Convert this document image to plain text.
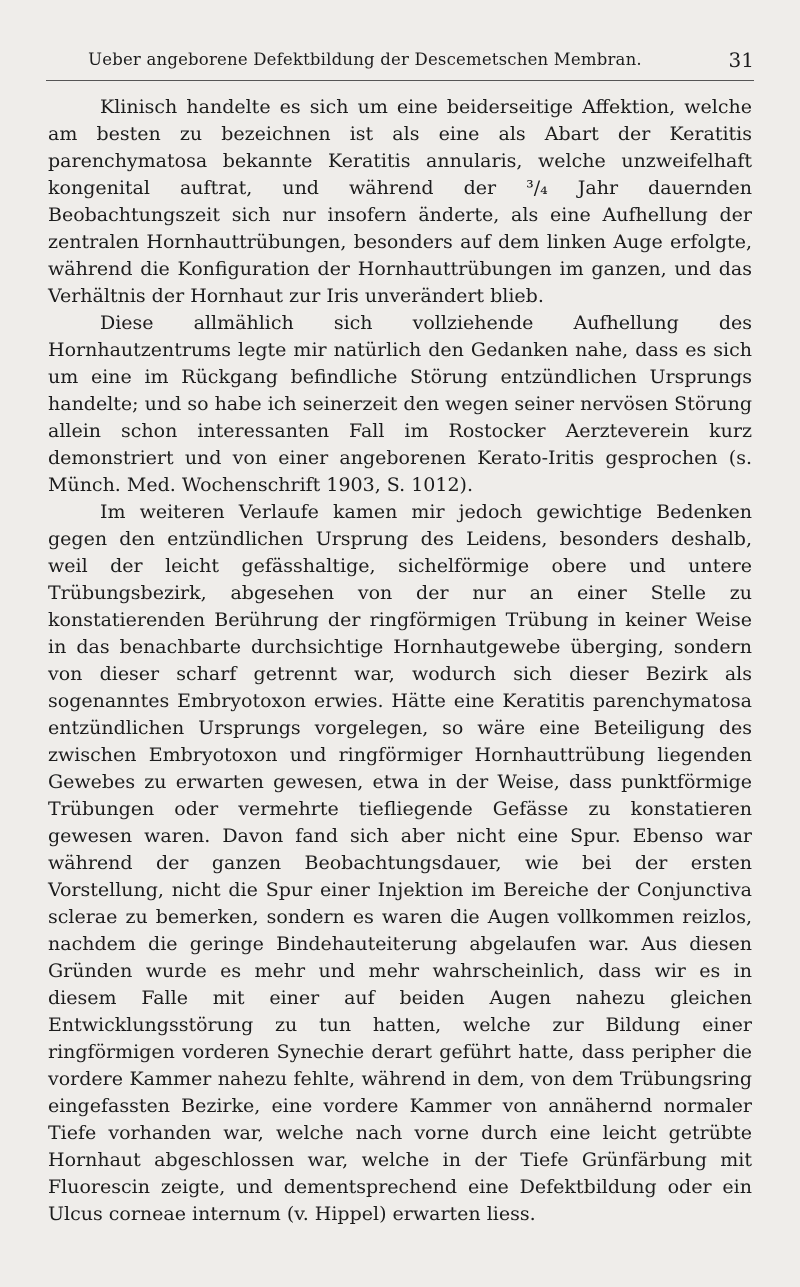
Ueber angeborene Defektbildung der Descemetschen Membran.	31

Klinisch handelte es sich um eine beiderseitige Affektion, welche am besten zu bezeichnen ist als eine als Abart der Keratitis parenchymatosa bekannte Keratitis annularis, welche unzweifelhaft kongenital auftrat, und während der ³/₄ Jahr dauernden Beobachtungszeit sich nur insofern änderte, als eine Aufhellung der zentralen Hornhauttrübungen, besonders auf dem linken Auge erfolgte, während die Konfiguration der Hornhauttrübungen im ganzen, und das Verhältnis der Hornhaut zur Iris unverändert blieb.

Diese allmählich sich vollziehende Aufhellung des Hornhautzentrums legte mir natürlich den Gedanken nahe, dass es sich um eine im Rückgang befindliche Störung entzündlichen Ursprungs handelte; und so habe ich seinerzeit den wegen seiner nervösen Störung allein schon interessanten Fall im Rostocker Aerzteverein kurz demonstriert und von einer angeborenen Kerato-Iritis gesprochen (s. Münch. Med. Wochenschrift 1903, S. 1012).

Im weiteren Verlaufe kamen mir jedoch gewichtige Bedenken gegen den entzündlichen Ursprung des Leidens, besonders deshalb, weil der leicht gefässhaltige, sichelförmige obere und untere Trübungsbezirk, abgesehen von der nur an einer Stelle zu konstatierenden Berührung der ringförmigen Trübung in keiner Weise in das benachbarte durchsichtige Hornhautgewebe überging, sondern von dieser scharf getrennt war, wodurch sich dieser Bezirk als sogenanntes Embryotoxon erwies. Hätte eine Keratitis parenchymatosa entzündlichen Ursprungs vorgelegen, so wäre eine Beteiligung des zwischen Embryotoxon und ringförmiger Hornhauttrübung liegenden Gewebes zu erwarten gewesen, etwa in der Weise, dass punktförmige Trübungen oder vermehrte tiefliegende Gefässe zu konstatieren gewesen waren. Davon fand sich aber nicht eine Spur. Ebenso war während der ganzen Beobachtungsdauer, wie bei der ersten Vorstellung, nicht die Spur einer Injektion im Bereiche der Conjunctiva sclerae zu bemerken, sondern es waren die Augen vollkommen reizlos, nachdem die geringe Bindehauteiterung abgelaufen war. Aus diesen Gründen wurde es mehr und mehr wahrscheinlich, dass wir es in diesem Falle mit einer auf beiden Augen nahezu gleichen Entwicklungsstörung zu tun hatten, welche zur Bildung einer ringförmigen vorderen Synechie derart geführt hatte, dass peripher die vordere Kammer nahezu fehlte, während in dem, von dem Trübungsring eingefassten Bezirke, eine vordere Kammer von annähernd normaler Tiefe vorhanden war, welche nach vorne durch eine leicht getrübte Hornhaut abgeschlossen war, welche in der Tiefe Grünfärbung mit Fluorescin zeigte, und dementsprechend eine Defektbildung oder ein Ulcus corneae internum (v. Hippel) erwarten liess.
